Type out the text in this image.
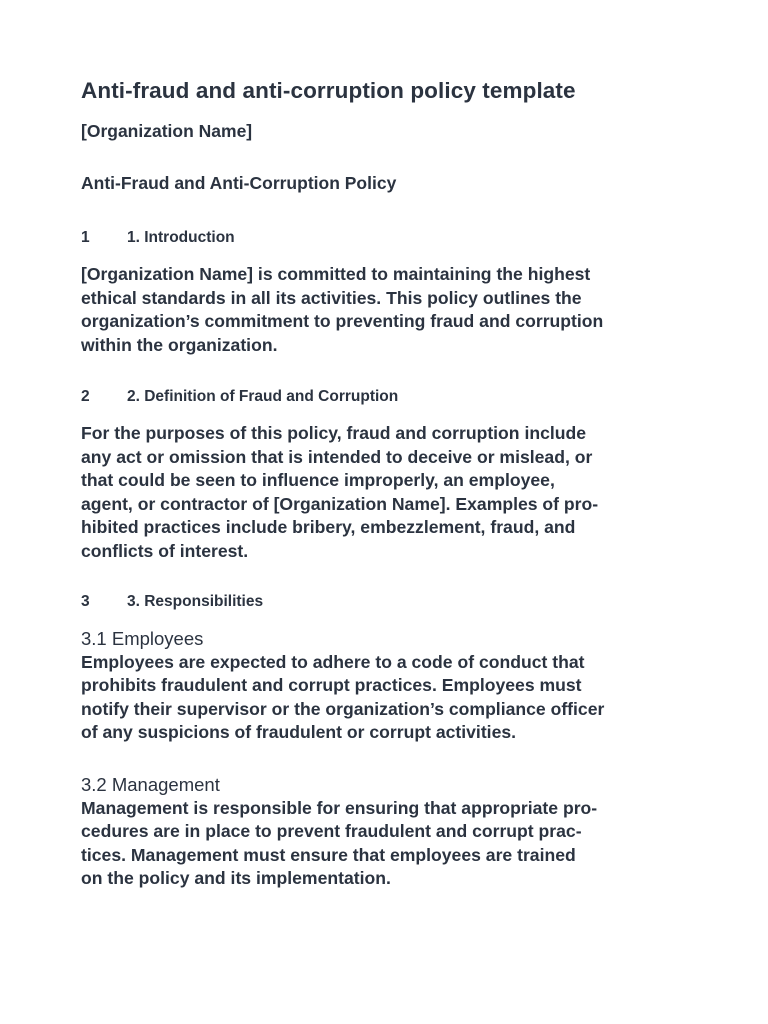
Anti-fraud and anti-corruption policy template
[Organization Name]
Anti-Fraud and Anti-Corruption Policy
1	1. Introduction
[Organization Name] is committed to maintaining the highest
ethical standards in all its activities. This policy outlines the
organization’s commitment to preventing fraud and corruption
within the organization.
2	2. Definition of Fraud and Corruption
For the purposes of this policy, fraud and corruption include
any act or omission that is intended to deceive or mislead, or
that could be seen to influence improperly, an employee,
agent, or contractor of [Organization Name]. Examples of pro-
hibited practices include bribery, embezzlement, fraud, and
conflicts of interest.
3	3. Responsibilities
3.1 Employees
Employees are expected to adhere to a code of conduct that
prohibits fraudulent and corrupt practices. Employees must
notify their supervisor or the organization’s compliance officer
of any suspicions of fraudulent or corrupt activities.
3.2 Management
Management is responsible for ensuring that appropriate pro-
cedures are in place to prevent fraudulent and corrupt prac-
tices. Management must ensure that employees are trained
on the policy and its implementation.
